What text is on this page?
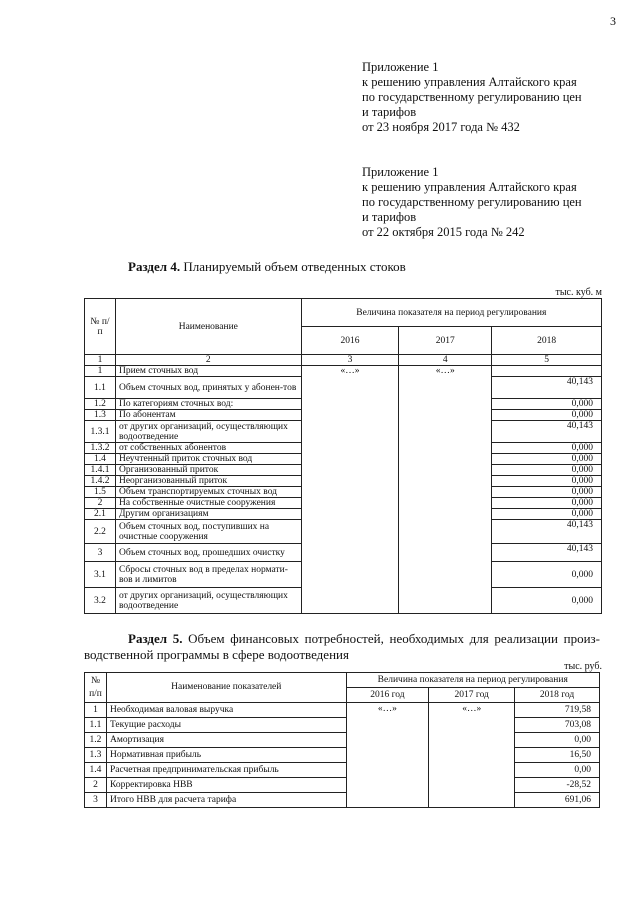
3
Приложение 1
к решению управления Алтайского края
по государственному регулированию цен
и тарифов
от 23 ноября 2017 года № 432
Приложение 1
к решению управления Алтайского края
по государственному регулированию цен
и тарифов
от 22 октября 2015 года № 242
Раздел 4. Планируемый объем отведенных стоков
тыс. куб. м
№ п/п	Наименование	Величина показателя на период регулирования		
		2016	2017	2018
1	2	3	4	5
1	Прием сточных вод	«…»	«…»	
1.1	Объем сточных вод, принятых у абонен-тов			40,143
1.2	По категориям сточных вод:			0,000
1.3	По абонентам			0,000
1.3.1	от других организаций, осуществляющих водоотведение			40,143
1.3.2	от собственных абонентов			0,000
1.4	Неучтенный приток сточных вод			0,000
1.4.1	Организованный приток			0,000
1.4.2	Неорганизованный приток			0,000
1.5	Объем транспортируемых сточных вод			0,000
2	На собственные очистные сооружения			0,000
2.1	Другим организациям			0,000
2.2	Объем сточных вод, поступивших на очистные сооружения			40,143
3	Объем сточных вод, прошедших очистку			40,143
3.1	Сбросы сточных вод в пределах нормати-вов и лимитов			0,000
3.2	от других организаций, осуществляющих водоотведение			0,000
Раздел 5. Объем финансовых потребностей, необходимых для реализации произ-водственной программы в сфере водоотведения
тыс. руб.
№ п/п	Наименование показателей	Величина показателя на период регулирования		
		2016 год	2017 год	2018 год
1	Необходимая валовая выручка	«…»	«…»	719,58
1.1	Текущие расходы			703,08
1.2	Амортизация			0,00
1.3	Нормативная прибыль			16,50
1.4	Расчетная предпринимательская прибыль			0,00
2	Корректировка НВВ			-28,52
3	Итого НВВ для расчета тарифа			691,06
